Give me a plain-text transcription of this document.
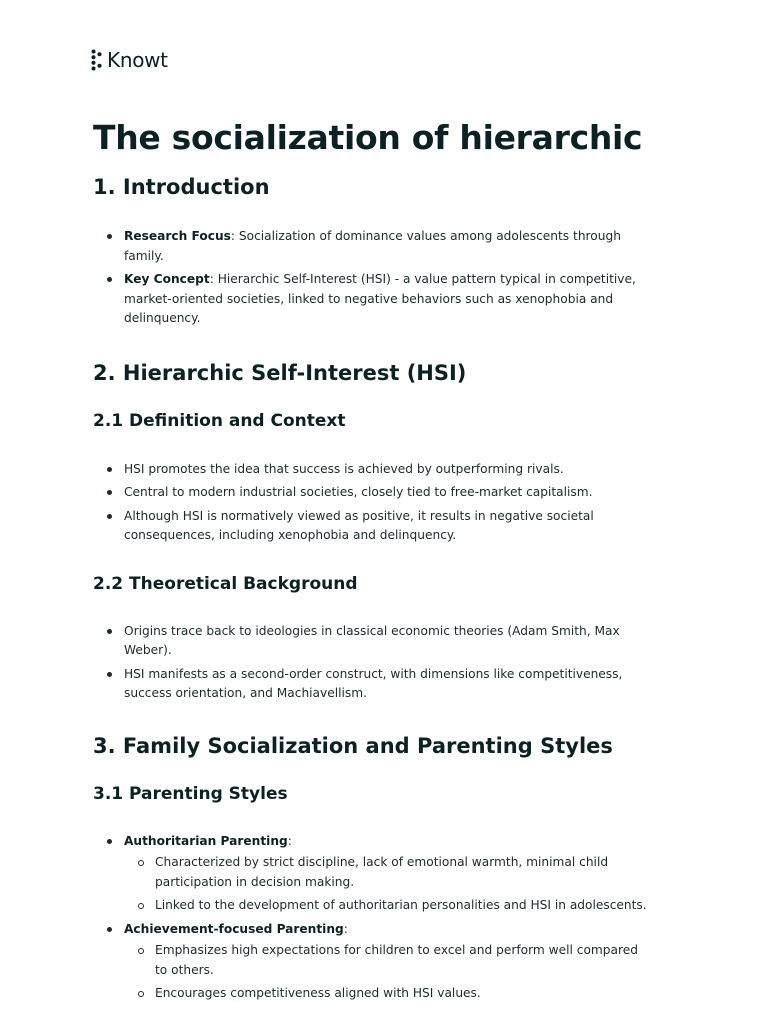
Knowt
The socialization of hierarchic
1. Introduction
Research Focus: Socialization of dominance values among adolescents through family.
Key Concept: Hierarchic Self-Interest (HSI) - a value pattern typical in competitive, market-oriented societies, linked to negative behaviors such as xenophobia and delinquency.
2. Hierarchic Self-Interest (HSI)
2.1 Definition and Context
HSI promotes the idea that success is achieved by outperforming rivals.
Central to modern industrial societies, closely tied to free-market capitalism.
Although HSI is normatively viewed as positive, it results in negative societal consequences, including xenophobia and delinquency.
2.2 Theoretical Background
Origins trace back to ideologies in classical economic theories (Adam Smith, Max Weber).
HSI manifests as a second-order construct, with dimensions like competitiveness, success orientation, and Machiavellism.
3. Family Socialization and Parenting Styles
3.1 Parenting Styles
Authoritarian Parenting:
Characterized by strict discipline, lack of emotional warmth, minimal child participation in decision making.
Linked to the development of authoritarian personalities and HSI in adolescents.
Achievement-focused Parenting:
Emphasizes high expectations for children to excel and perform well compared to others.
Encourages competitiveness aligned with HSI values.
